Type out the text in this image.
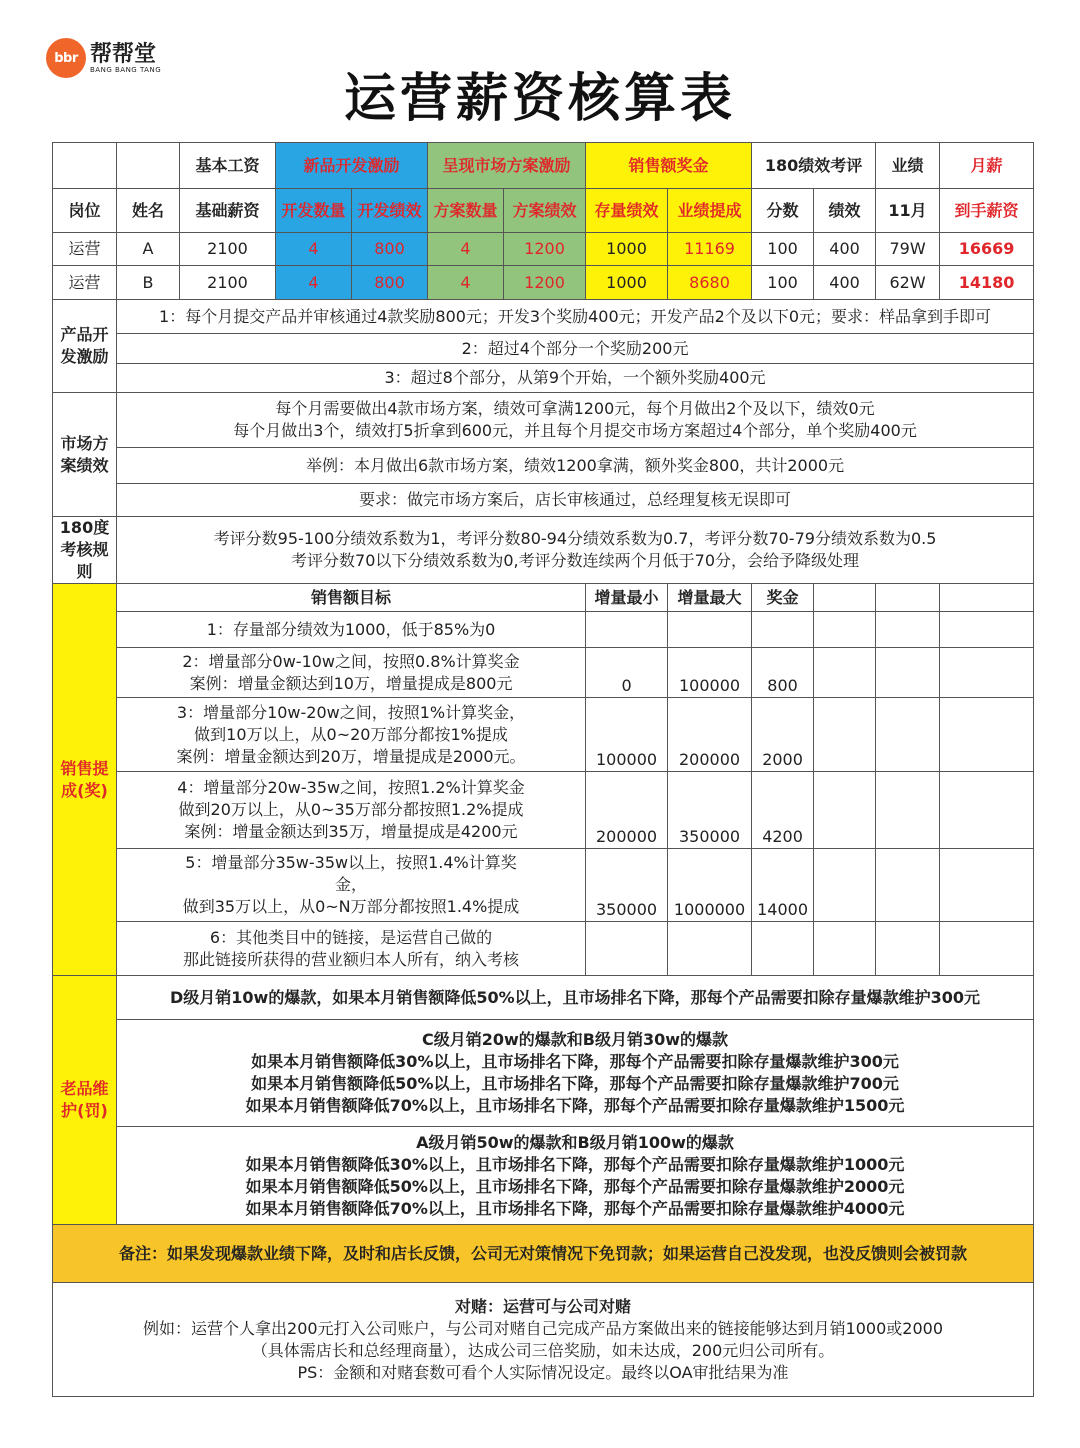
bbr 帮帮堂
BANG BANG TANG	运营薪资核算表
		基本工资	新品开发激励		呈现市场方案激励		销售额奖金		180绩效考评		业绩	月薪
岗位	姓名	基础薪资	开发数量	开发绩效	方案数量	方案绩效	存量绩效	业绩提成	分数	绩效	11月	到手薪资
运营	A	2100	4	800	4	1200	1000	11169	100	400	79W	16669
运营	B	2100	4	800	4	1200	1000	8680	100	400	62W	14180
产品开发激励	1：每个月提交产品并审核通过4款奖励800元；开发3个奖励400元；开发产品2个及以下0元；要求：样品拿到手即可											
	2：超过4个部分一个奖励200元											
	3：超过8个部分，从第9个开始，一个额外奖励400元											
市场方案绩效	每个月需要做出4款市场方案，绩效可拿满1200元，每个月做出2个及以下，绩效0元
每个月做出3个，绩效打5折拿到600元，并且每个月提交市场方案超过4个部分，单个奖励400元											

	举例：本月做出6款市场方案，绩效1200拿满，额外奖金800，共计2000元											
	要求：做完市场方案后，店长审核通过，总经理复核无误即可											
180度考核规则	考评分数95-100分绩效系数为1，考评分数80-94分绩效系数为0.7，考评分数70-79分绩效系数为0.5
考评分数70以下分绩效系数为0,考评分数连续两个月低于70分，会给予降级处理											

销售提成(奖)	销售额目标						增量最小	增量最大	奖金			

	1：存量部分绩效为1000，低于85%为0											

	2：增量部分0w-10w之间，按照0.8%计算奖金
案例：增量金额达到10万，增量提成是800元						0	100000	800			

	3：增量部分10w-20w之间，按照1%计算奖金，
做到10万以上，从0~20万部分都按1%提成
案例：增量金额达到20万，增量提成是2000元。						100000	200000	2000			

	4：增量部分20w-35w之间，按照1.2%计算奖金
做到20万以上，从0~35万部分都按照1.2%提成
案例：增量金额达到35万，增量提成是4200元						200000	350000	4200			

	5：增量部分35w-35w以上，按照1.4%计算奖
金，
做到35万以上，从0~N万部分都按照1.4%提成						350000	1000000	14000			

	6：其他类目中的链接，是运营自己做的
那此链接所获得的营业额归本人所有，纳入考核											

老品维护(罚)	D级月销10w的爆款，如果本月销售额降低50%以上，且市场排名下降，那每个产品需要扣除存量爆款维护300元											

	C级月销20w的爆款和B级月销30w的爆款
如果本月销售额降低30%以上，且市场排名下降，那每个产品需要扣除存量爆款维护300元
如果本月销售额降低50%以上，且市场排名下降，那每个产品需要扣除存量爆款维护700元
如果本月销售额降低70%以上，且市场排名下降，那每个产品需要扣除存量爆款维护1500元											

	A级月销50w的爆款和B级月销100w的爆款
如果本月销售额降低30%以上，且市场排名下降，那每个产品需要扣除存量爆款维护1000元
如果本月销售额降低50%以上，且市场排名下降，那每个产品需要扣除存量爆款维护2000元
如果本月销售额降低70%以上，且市场排名下降，那每个产品需要扣除存量爆款维护4000元											

备注：如果发现爆款业绩下降，及时和店长反馈，公司无对策情况下免罚款；如果运营自己没发现，也没反馈则会被罚款												

对赌：运营可与公司对赌
例如：运营个人拿出200元打入公司账户，与公司对赌自己完成产品方案做出来的链接能够达到月销1000或2000
（具体需店长和总经理商量），达成公司三倍奖励，如未达成，200元归公司所有。
PS：金额和对赌套数可看个人实际情况设定。最终以OA审批结果为准												
